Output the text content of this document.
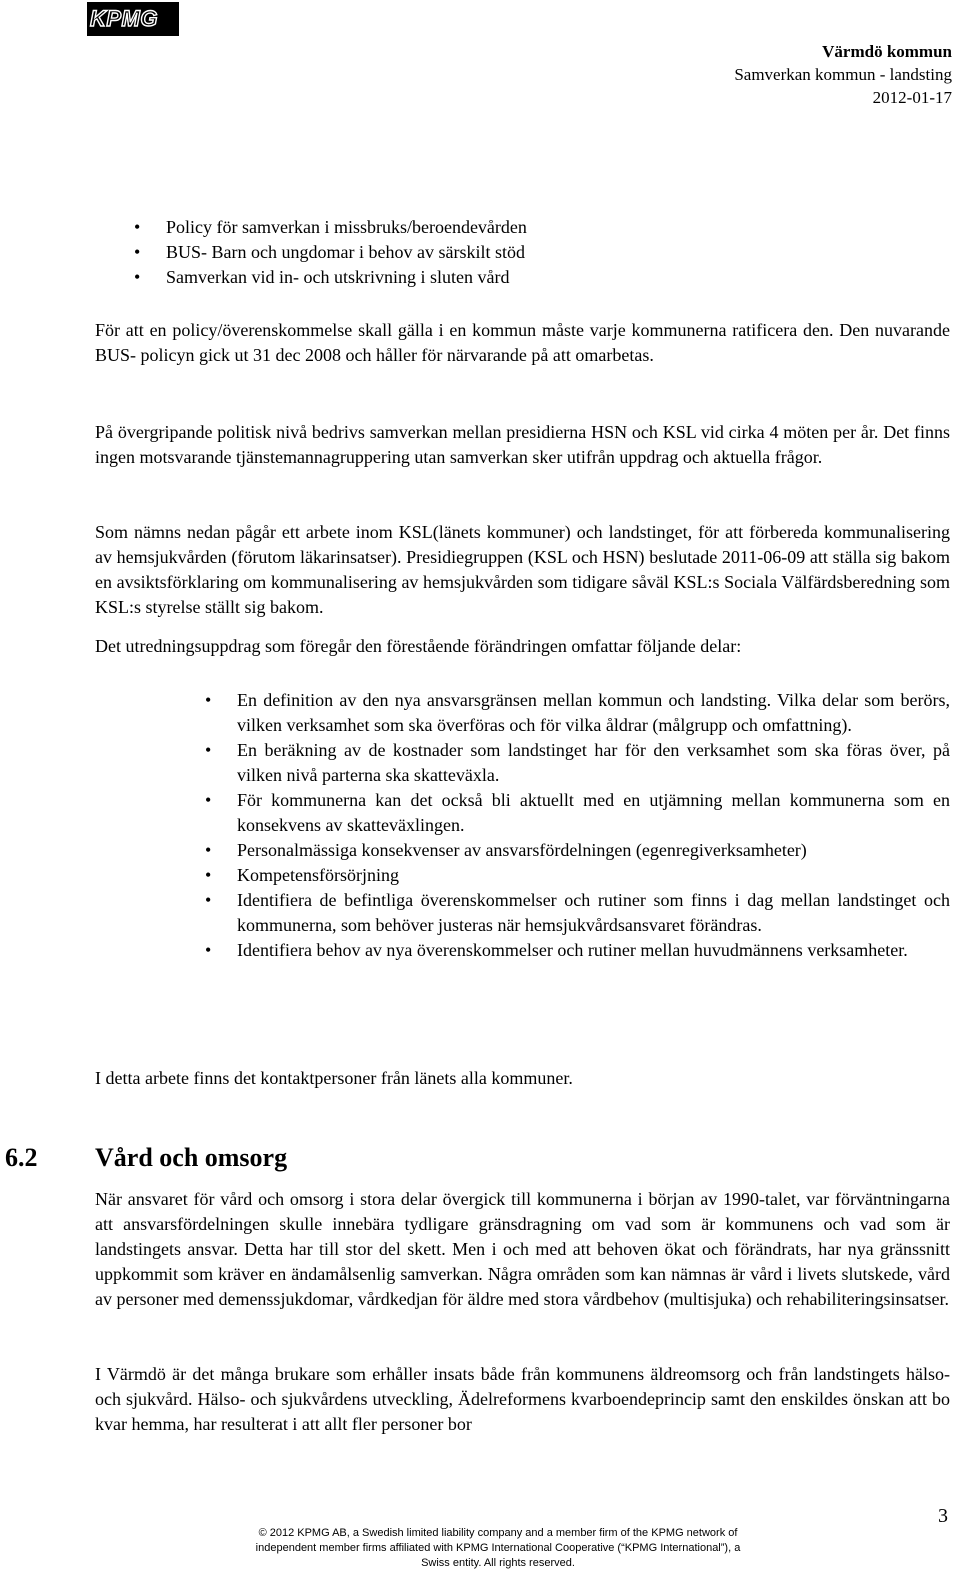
KPMG
Värmdö kommun
Samverkan kommun - landsting
2012-01-17
• Policy för samverkan i missbruks/beroendevården
• BUS- Barn och ungdomar i behov av särskilt stöd
• Samverkan vid in- och utskrivning i sluten vård
För att en policy/överenskommelse skall gälla i en kommun måste varje kommunerna ratificera den. Den nuvarande BUS- policyn gick ut 31 dec 2008 och håller för närvarande på att omarbetas.
På övergripande politisk nivå bedrivs samverkan mellan presidierna HSN och KSL vid cirka 4 möten per år. Det finns ingen motsvarande tjänstemannagruppering utan samverkan sker utifrån uppdrag och aktuella frågor.
Som nämns nedan pågår ett arbete inom KSL(länets kommuner) och landstinget, för att förbereda kommunalisering av hemsjukvården (förutom läkarinsatser). Presidiegruppen (KSL och HSN) beslutade 2011-06-09 att ställa sig bakom en avsiktsförklaring om kommunalisering av hemsjukvården som tidigare såväl KSL:s Sociala Välfärdsberedning som KSL:s styrelse ställt sig bakom.
Det utredningsuppdrag som föregår den förestående förändringen omfattar följande delar:
• En definition av den nya ansvarsgränsen mellan kommun och landsting. Vilka delar som berörs, vilken verksamhet som ska överföras och för vilka åldrar (målgrupp och omfattning).
• En beräkning av de kostnader som landstinget har för den verksamhet som ska föras över, på vilken nivå parterna ska skatteväxla.
• För kommunerna kan det också bli aktuellt med en utjämning mellan kommunerna som en konsekvens av skatteväxlingen.
• Personalmässiga konsekvenser av ansvarsfördelningen (egenregiverksamheter)
• Kompetensförsörjning
• Identifiera de befintliga överenskommelser och rutiner som finns i dag mellan landstinget och kommunerna, som behöver justeras när hemsjukvårdsansvaret förändras.
• Identifiera behov av nya överenskommelser och rutiner mellan huvudmännens verksamheter.
I detta arbete finns det kontaktpersoner från länets alla kommuner.
6.2 Vård och omsorg
När ansvaret för vård och omsorg i stora delar övergick till kommunerna i början av 1990-talet, var förväntningarna att ansvarsfördelningen skulle innebära tydligare gränsdragning om vad som är kommunens och vad som är landstingets ansvar. Detta har till stor del skett. Men i och med att behoven ökat och förändrats, har nya gränssnitt uppkommit som kräver en ändamålsenlig samverkan. Några områden som kan nämnas är vård i livets slutskede, vård av personer med demenssjukdomar, vårdkedjan för äldre med stora vårdbehov (multisjuka) och rehabiliteringsinsatser.
I Värmdö är det många brukare som erhåller insats både från kommunens äldreomsorg och från landstingets hälso- och sjukvård. Hälso- och sjukvårdens utveckling, Ädelreformens kvarboendeprincip samt den enskildes önskan att bo kvar hemma, har resulterat i att allt fler personer bor
3
© 2012 KPMG AB, a Swedish limited liability company and a member firm of the KPMG network of independent member firms affiliated with KPMG International Cooperative (“KPMG International”), a Swiss entity. All rights reserved.
